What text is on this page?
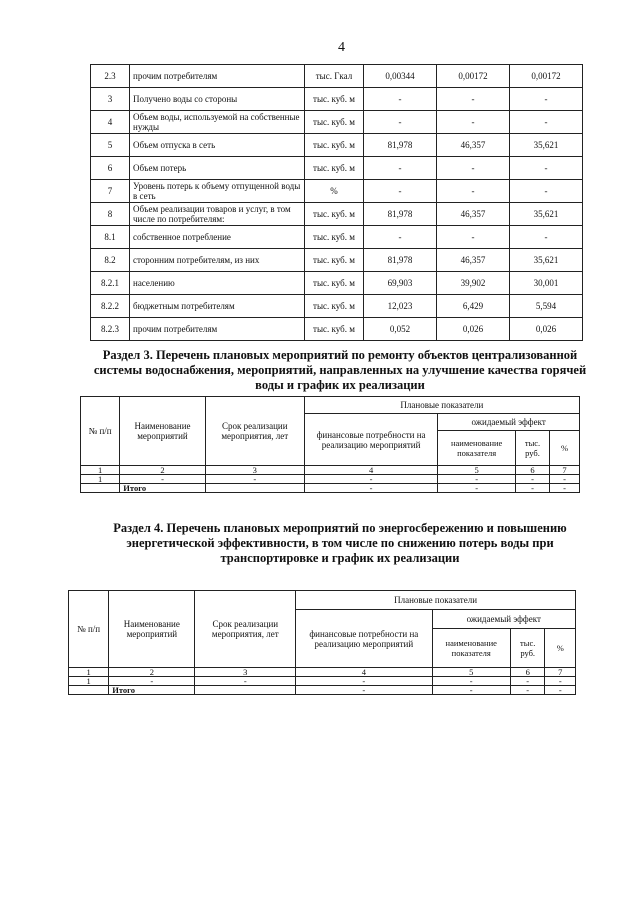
4
2.3	прочим потребителям	тыс. Гкал	0,00344	0,00172	0,00172
3	Получено воды со стороны	тыс. куб. м	-	-	-
4	Объем воды, используемой на собственные нужды	тыс. куб. м	-	-	-
5	Объем отпуска в сеть	тыс. куб. м	81,978	46,357	35,621
6	Объем потерь	тыс. куб. м	-	-	-
7	Уровень потерь к объему отпущенной воды в сеть	%	-	-	-
8	Объем реализации товаров и услуг, в том числе по потребителям:	тыс. куб. м	81,978	46,357	35,621
8.1	собственное потребление	тыс. куб. м	-	-	-
8.2	сторонним потребителям, из них	тыс. куб. м	81,978	46,357	35,621
8.2.1	населению	тыс. куб. м	69,903	39,902	30,001
8.2.2	бюджетным потребителям	тыс. куб. м	12,023	6,429	5,594
8.2.3	прочим потребителям	тыс. куб. м	0,052	0,026	0,026
Раздел 3. Перечень плановых мероприятий по ремонту объектов централизованной системы водоснабжения, мероприятий, направленных на улучшение качества горячей воды и график их реализации
№ п/п	Наименование мероприятий	Срок реализации мероприятия, лет	Плановые показатели			
			финансовые потребности на реализацию мероприятий	ожидаемый эффект		
				наименование показателя	тыс. руб.	%
1	2	3	4	5	6	7
1	-	-	-	-	-	-
	Итого		-	-	-	-
Раздел 4. Перечень плановых мероприятий по энергосбережению и повышению энергетической эффективности, в том числе по снижению потерь воды при транспортировке и график их реализации
№ п/п	Наименование мероприятий	Срок реализации мероприятия, лет	Плановые показатели			
			финансовые потребности на реализацию мероприятий	ожидаемый эффект		
				наименование показателя	тыс. руб.	%
1	2	3	4	5	6	7
1	-	-	-	-	-	-
	Итого		-	-	-	-
